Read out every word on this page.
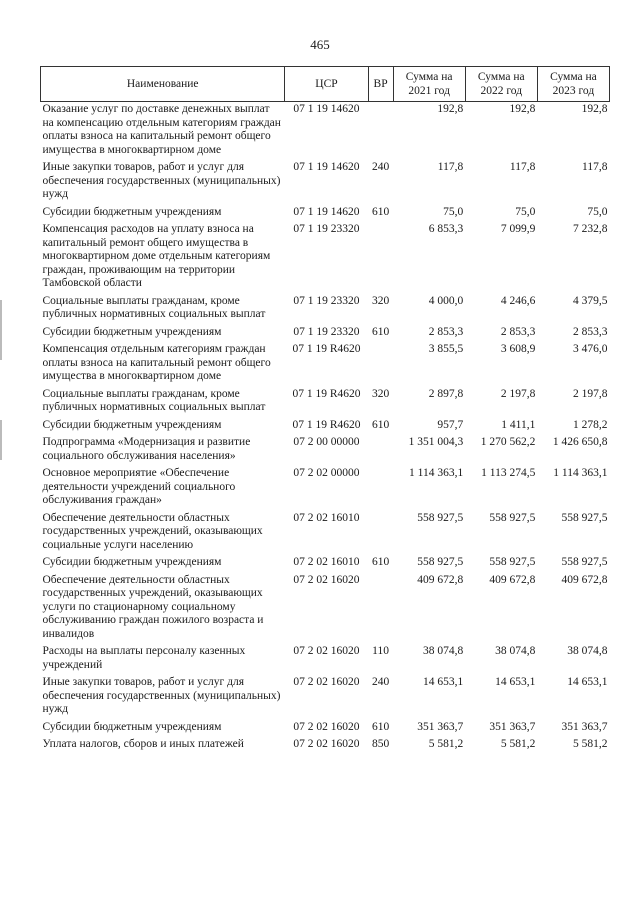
465
Наименование	ЦСР	ВР	Сумма на 2021 год	Сумма на 2022 год	Сумма на 2023 год
Оказание услуг по доставке денежных выплат на компенсацию отдельным категориям граждан оплаты взноса на капитальный ремонт общего имущества в многоквартирном доме	07 1 19 14620		192,8	192,8	192,8
Иные закупки товаров, работ и услуг для обеспечения государственных (муниципальных) нужд	07 1 19 14620	240	117,8	117,8	117,8
Субсидии бюджетным учреждениям	07 1 19 14620	610	75,0	75,0	75,0
Компенсация расходов на уплату взноса на капитальный ремонт общего имущества в многоквартирном доме отдельным категориям граждан, проживающим на территории Тамбовской области	07 1 19 23320		6 853,3	7 099,9	7 232,8
Социальные выплаты гражданам, кроме публичных нормативных социальных выплат	07 1 19 23320	320	4 000,0	4 246,6	4 379,5
Субсидии бюджетным учреждениям	07 1 19 23320	610	2 853,3	2 853,3	2 853,3
Компенсация отдельным категориям граждан оплаты взноса на капитальный ремонт общего имущества в многоквартирном доме	07 1 19 R4620		3 855,5	3 608,9	3 476,0
Социальные выплаты гражданам, кроме публичных нормативных социальных выплат	07 1 19 R4620	320	2 897,8	2 197,8	2 197,8
Субсидии бюджетным учреждениям	07 1 19 R4620	610	957,7	1 411,1	1 278,2
Подпрограмма «Модернизация и развитие социального обслуживания населения»	07 2 00 00000		1 351 004,3	1 270 562,2	1 426 650,8
Основное мероприятие «Обеспечение деятельности учреждений социального обслуживания граждан»	07 2 02 00000		1 114 363,1	1 113 274,5	1 114 363,1
Обеспечение деятельности областных государственных учреждений, оказывающих социальные услуги населению	07 2 02 16010		558 927,5	558 927,5	558 927,5
Субсидии бюджетным учреждениям	07 2 02 16010	610	558 927,5	558 927,5	558 927,5
Обеспечение деятельности областных государственных учреждений, оказывающих услуги по стационарному социальному обслуживанию граждан пожилого возраста и инвалидов	07 2 02 16020		409 672,8	409 672,8	409 672,8
Расходы на выплаты персоналу казенных учреждений	07 2 02 16020	110	38 074,8	38 074,8	38 074,8
Иные закупки товаров, работ и услуг для обеспечения государственных (муниципальных) нужд	07 2 02 16020	240	14 653,1	14 653,1	14 653,1
Субсидии бюджетным учреждениям	07 2 02 16020	610	351 363,7	351 363,7	351 363,7
Уплата налогов, сборов и иных платежей	07 2 02 16020	850	5 581,2	5 581,2	5 581,2
